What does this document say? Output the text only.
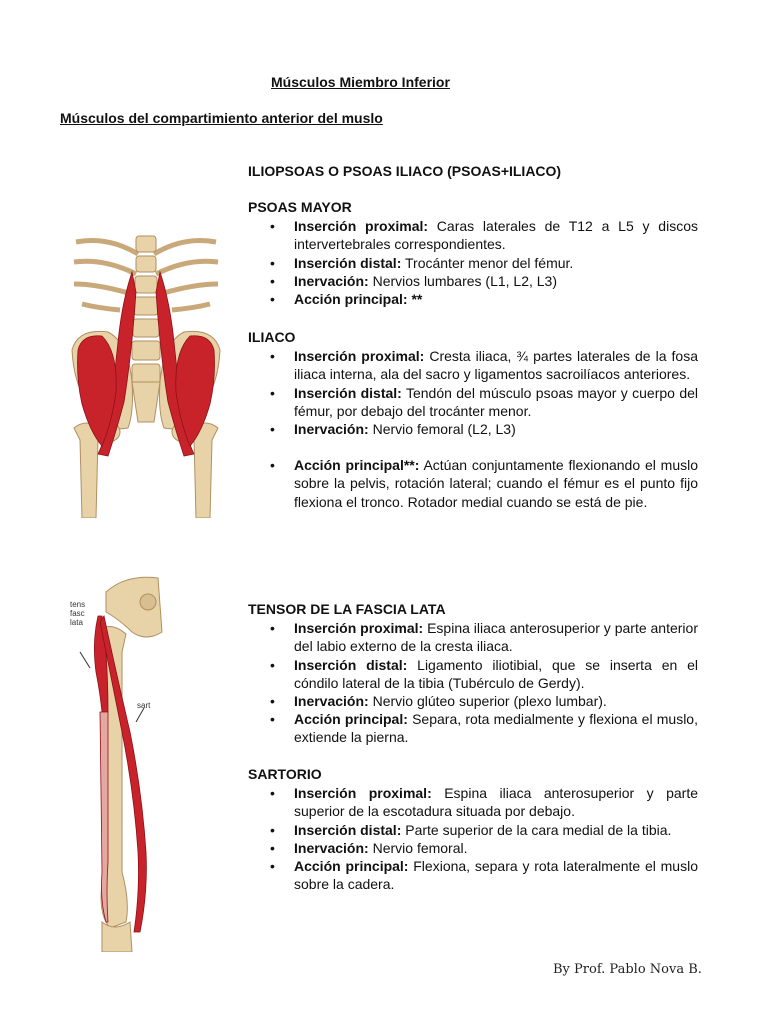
Músculos Miembro Inferior
Músculos del compartimiento anterior del muslo
ILIOPSOAS O PSOAS ILIACO (PSOAS+ILIACO)
tens fasc lata
sart
PSOAS MAYOR
• Inserción proximal: Caras laterales de T12 a L5 y discos intervertebrales correspondientes.
• Inserción distal: Trocánter menor del fémur.
• Inervación: Nervios lumbares (L1, L2, L3)
• Acción principal: **
ILIACO
• Inserción proximal: Cresta iliaca, ¾ partes laterales de la fosa iliaca interna, ala del sacro y ligamentos sacroilíacos anteriores.
• Inserción distal: Tendón del músculo psoas mayor y cuerpo del fémur, por debajo del trocánter menor.
• Inervación: Nervio femoral (L2, L3)
• Acción principal**: Actúan conjuntamente flexionando el muslo sobre la pelvis, rotación lateral; cuando el fémur es el punto fijo flexiona el tronco. Rotador medial cuando se está de pie.
TENSOR DE LA FASCIA LATA
• Inserción proximal: Espina iliaca anterosuperior y parte anterior del labio externo de la cresta iliaca.
• Inserción distal: Ligamento iliotibial, que se inserta en el cóndilo lateral de la tibia (Tubérculo de Gerdy).
• Inervación: Nervio glúteo superior (plexo lumbar).
• Acción principal: Separa, rota medialmente y flexiona el muslo, extiende la pierna.
SARTORIO
• Inserción proximal: Espina iliaca anterosuperior y parte superior de la escotadura situada por debajo.
• Inserción distal: Parte superior de la cara medial de la tibia.
• Inervación: Nervio femoral.
• Acción principal: Flexiona, separa y rota lateralmente el muslo sobre la cadera.
By Prof. Pablo Nova B.
